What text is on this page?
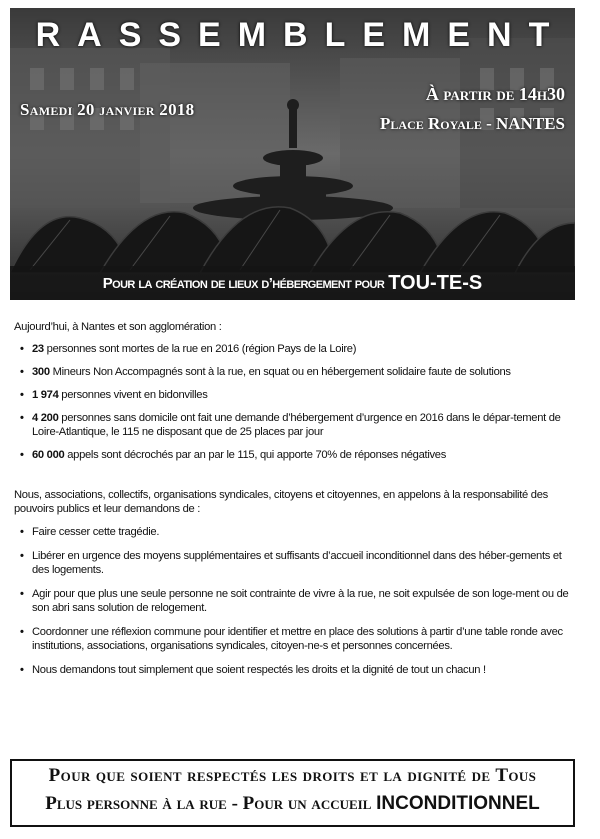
RASSEMBLEMENT
Samedi 20 janvier 2018
À partir de 14h30
Place Royale - NANTES
Pour la création de lieux d’hébergement pour TOU-TE-S

Aujourd’hui, à Nantes et son agglomération :

• 23 personnes sont mortes de la rue en 2016 (région Pays de la Loire)
• 300 Mineurs Non Accompagnés sont à la rue, en squat ou en hébergement solidaire faute de solutions
• 1 974 personnes vivent en bidonvilles
• 4 200 personnes sans domicile ont fait une demande d’hébergement d’urgence en 2016 dans le dépar-tement de Loire-Atlantique, le 115 ne disposant que de 25 places par jour
• 60 000 appels sont décrochés par an par le 115, qui apporte 70% de réponses négatives

Nous, associations, collectifs, organisations syndicales, citoyens et citoyennes, en appelons à la responsabilité des pouvoirs publics et leur demandons de :

• Faire cesser cette tragédie.
• Libérer en urgence des moyens supplémentaires et suffisants d’accueil inconditionnel dans des héber-gements et des logements.
• Agir pour que plus une seule personne ne soit contrainte de vivre à la rue, ne soit expulsée de son loge-ment ou de son abri sans solution de relogement.
• Coordonner une réflexion commune pour identifier et mettre en place des solutions à partir d’une table ronde avec institutions, associations, organisations syndicales, citoyen-ne-s et personnes concernées.
• Nous demandons tout simplement que soient respectés les droits et la dignité de tout un chacun !
Pour que soient respectés les droits et la dignité de Tous
Plus personne à la rue - Pour un accueil INCONDITIONNEL
